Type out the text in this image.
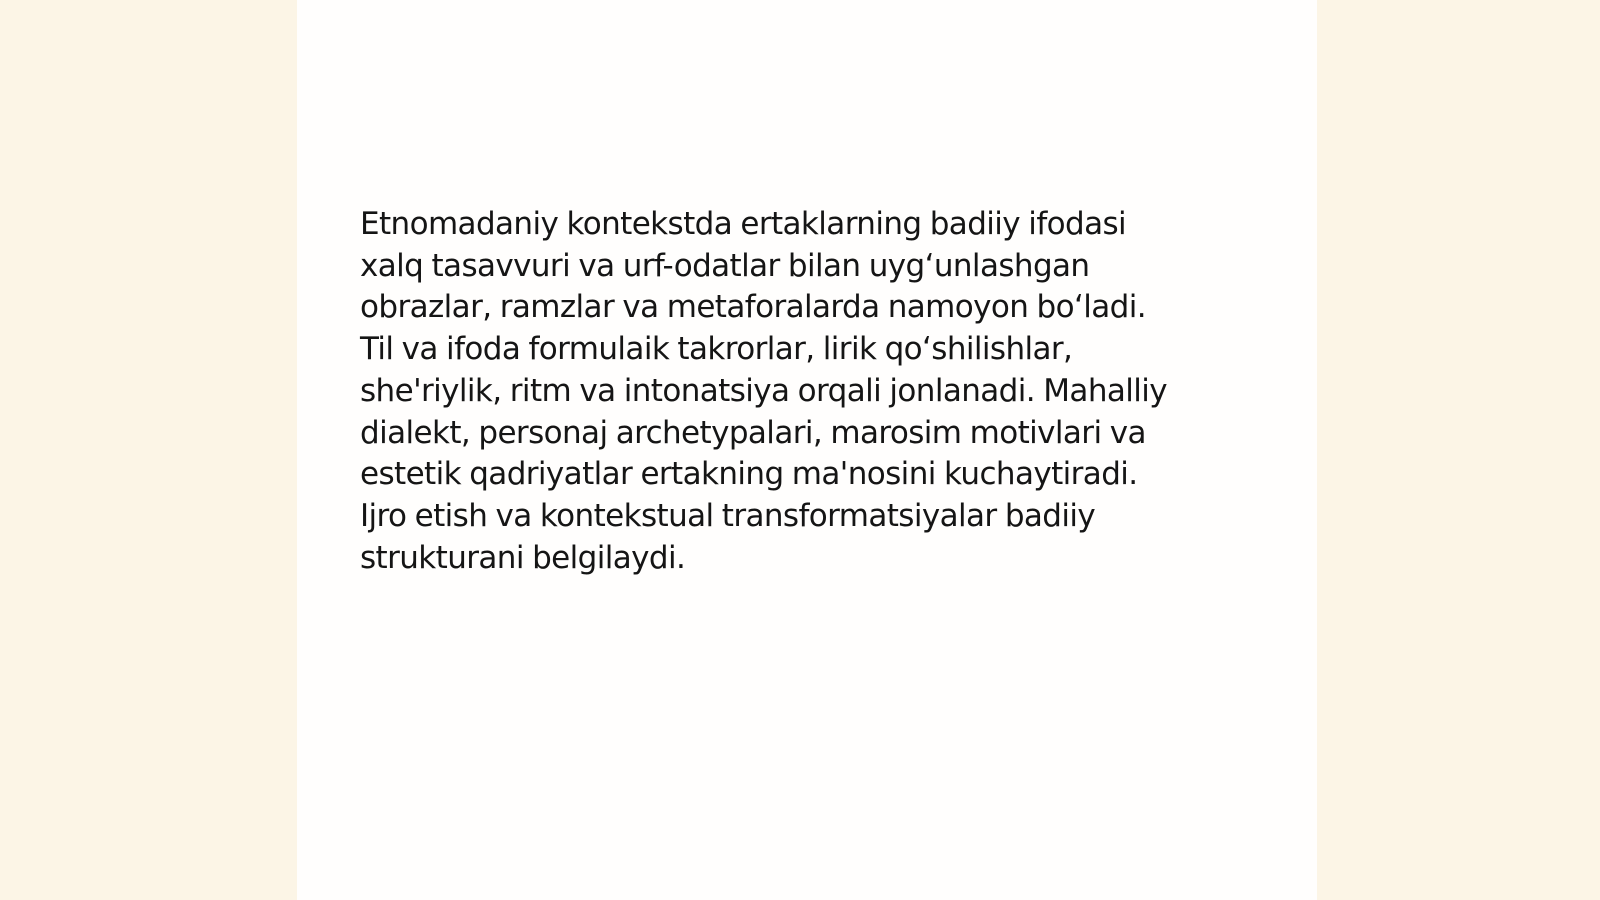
Etnomadaniy kontekstda ertaklarning badiiy ifodasi
xalq tasavvuri va urf-odatlar bilan uygʻunlashgan
obrazlar, ramzlar va metaforalarda namoyon boʻladi.
Til va ifoda formulaik takrorlar, lirik qoʻshilishlar,
she'riylik, ritm va intonatsiya orqali jonlanadi. Mahalliy
dialekt, personaj archetypalari, marosim motivlari va
estetik qadriyatlar ertakning ma'nosini kuchaytiradi.
Ijro etish va kontekstual transformatsiyalar badiiy
strukturani belgilaydi.
